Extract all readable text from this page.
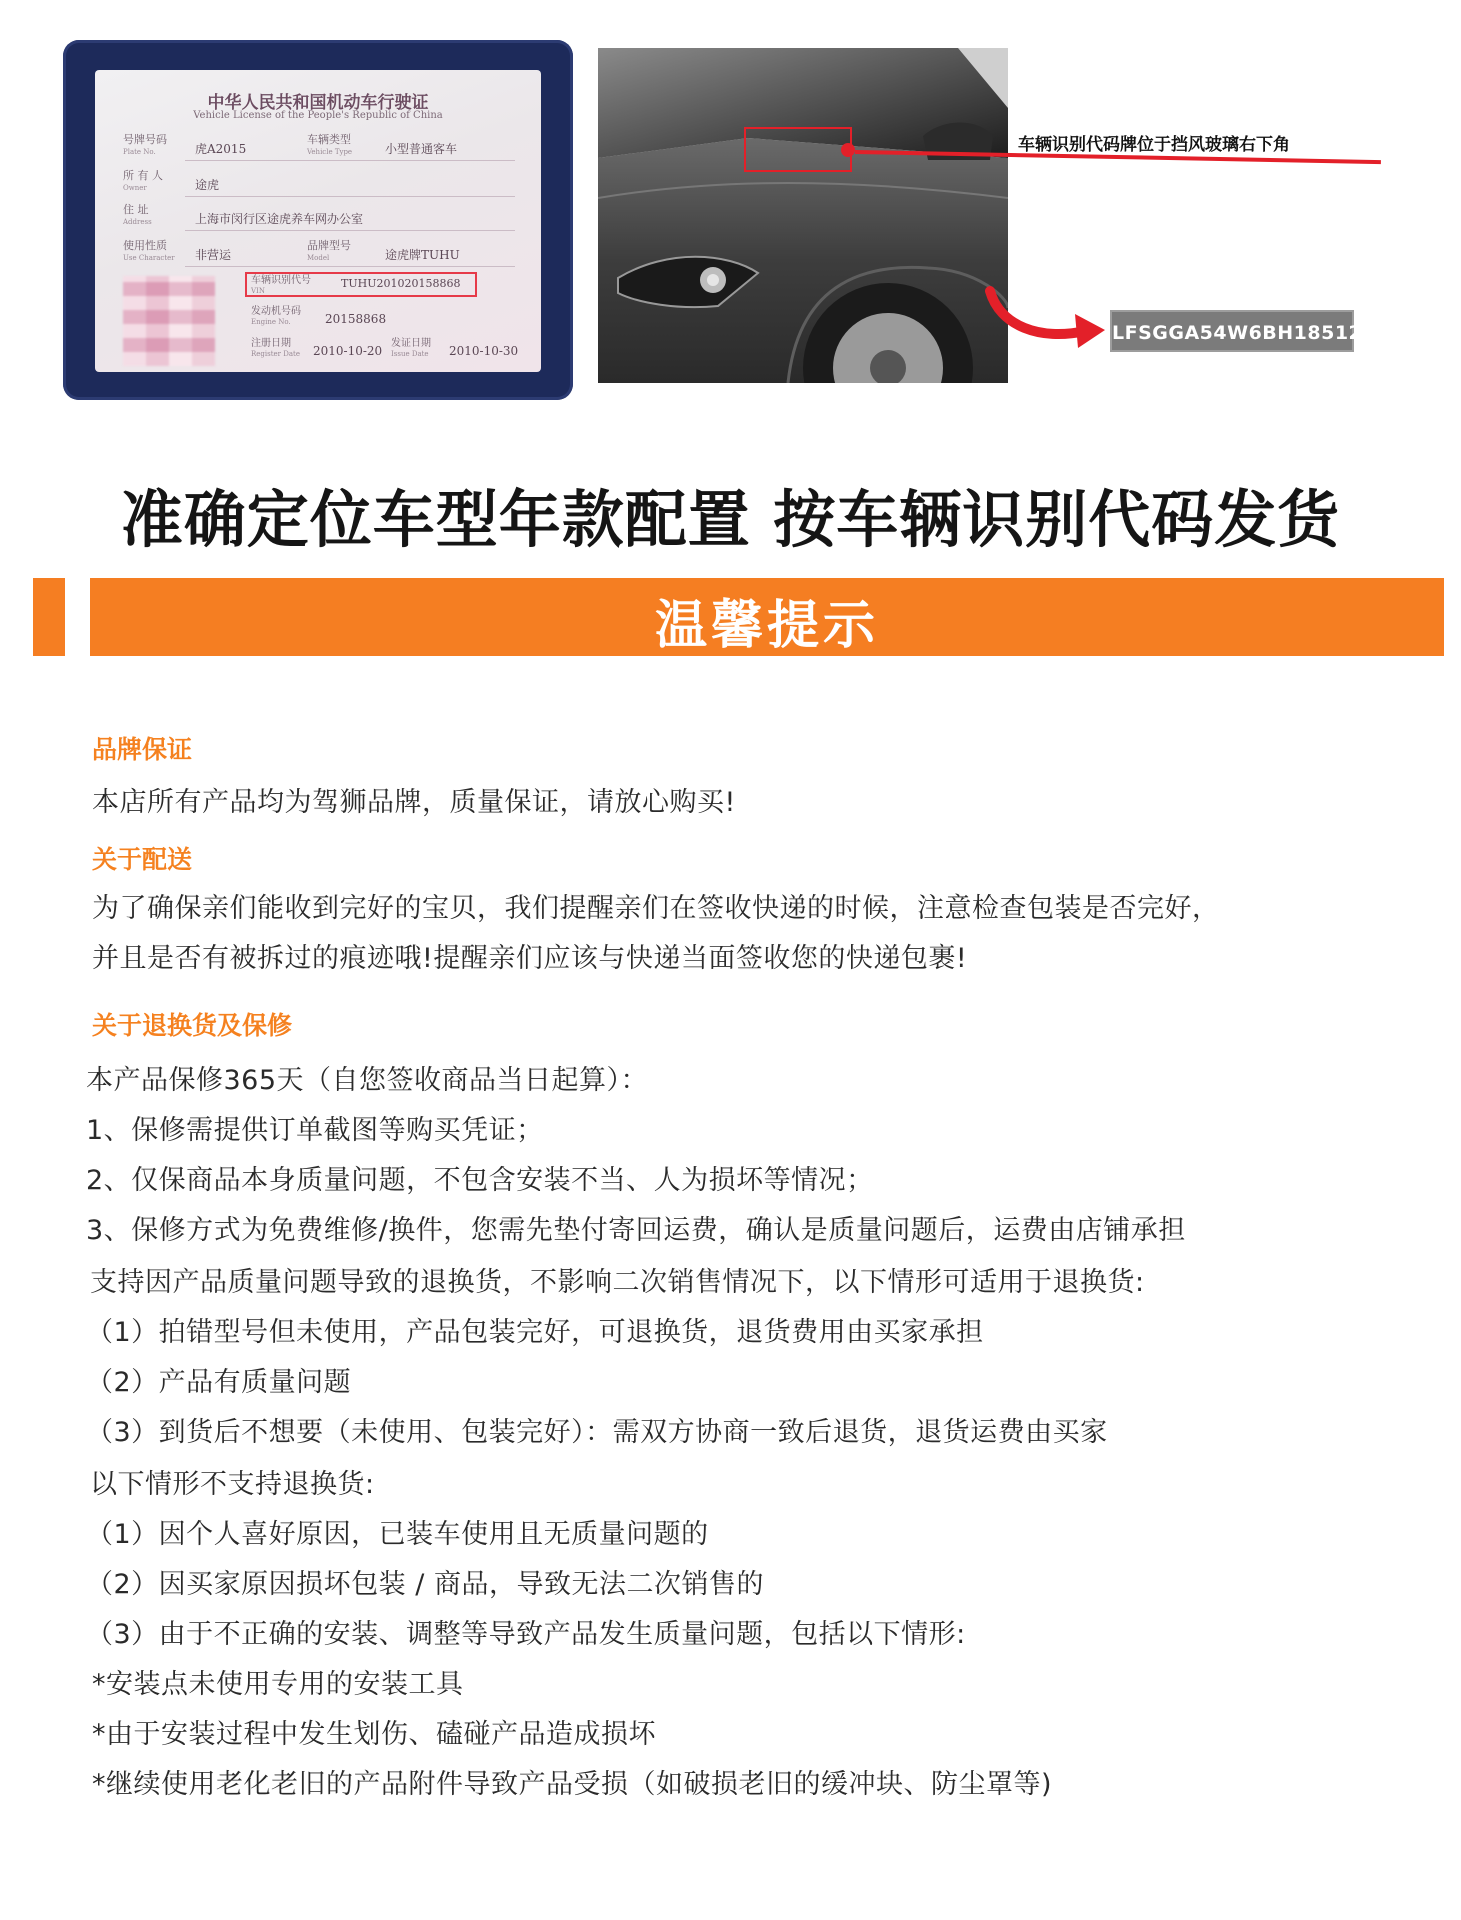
中华人民共和国机动车行驶证
Vehicle License of the People's Republic of China
号牌号码
Plate No.	虎A2015
车辆类型
Vehicle Type	小型普通客车
所 有 人
Owner	途虎
住 址
Address	上海市闵行区途虎养车网办公室
使用性质
Use Character 非营运
品牌型号
Model	途虎牌TUHU
车辆识别代号
VIN
TUHU201020158868
发动机号码
Engine No.	20158868
注册日期
Register Date 2010-10-20
发证日期
Issue Date 2010-10-30
车辆识别代码牌位于挡风玻璃右下角
LFSGGA54W6BH185123
准确定位车型年款配置 按车辆识别代码发货
温馨提示
品牌保证
本店所有产品均为驾狮品牌，质量保证，请放心购买!
关于配送
为了确保亲们能收到完好的宝贝，我们提醒亲们在签收快递的时候，注意检查包装是否完好，
并且是否有被拆过的痕迹哦!提醒亲们应该与快递当面签收您的快递包裹!
关于退换货及保修
本产品保修365天（自您签收商品当日起算）：
1、保修需提供订单截图等购买凭证；
2、仅保商品本身质量问题，不包含安装不当、人为损坏等情况；
3、保修方式为免费维修/换件，您需先垫付寄回运费，确认是质量问题后，运费由店铺承担
支持因产品质量问题导致的退换货，不影响二次销售情况下，以下情形可适用于退换货:
（1）拍错型号但未使用，产品包装完好，可退换货，退货费用由买家承担
（2）产品有质量问题
（3）到货后不想要（未使用、包装完好）：需双方协商一致后退货，退货运费由买家
以下情形不支持退换货:
（1）因个人喜好原因，已装车使用且无质量问题的
（2）因买家原因损坏包装 / 商品，导致无法二次销售的
（3）由于不正确的安装、调整等导致产品发生质量问题，包括以下情形:
*安装点未使用专用的安装工具
*由于安装过程中发生划伤、磕碰产品造成损坏
*继续使用老化老旧的产品附件导致产品受损（如破损老旧的缓冲块、防尘罩等)
